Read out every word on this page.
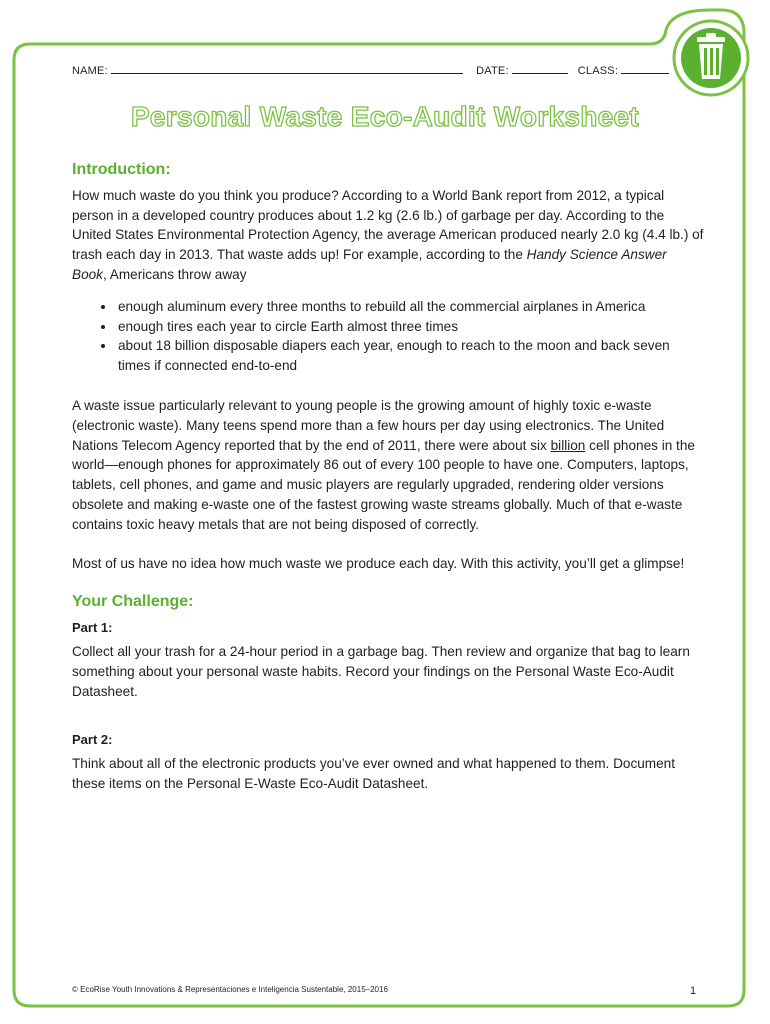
NAME:	DATE:	CLASS:
Personal Waste Eco-Audit Worksheet
Introduction:

How much waste do you think you produce? According to a World Bank report from 2012, a typical person in a developed country produces about 1.2 kg (2.6 lb.) of garbage per day. According to the United States Environmental Protection Agency, the average American produced nearly 2.0 kg (4.4 lb.) of trash each day in 2013. That waste adds up! For example, according to the Handy Science Answer Book, Americans throw away

• enough aluminum every three months to rebuild all the commercial airplanes in America
• enough tires each year to circle Earth almost three times
• about 18 billion disposable diapers each year, enough to reach to the moon and back seven times if connected end-to-end

A waste issue particularly relevant to young people is the growing amount of highly toxic e-waste (electronic waste). Many teens spend more than a few hours per day using electronics. The United Nations Telecom Agency reported that by the end of 2011, there were about six billion cell phones in the world—enough phones for approximately 86 out of every 100 people to have one. Computers, laptops, tablets, cell phones, and game and music players are regularly upgraded, rendering older versions obsolete and making e-waste one of the fastest growing waste streams globally. Much of that e-waste contains toxic heavy metals that are not being disposed of correctly.

Most of us have no idea how much waste we produce each day. With this activity, you’ll get a glimpse!

Your Challenge:

Part 1:

Collect all your trash for a 24-hour period in a garbage bag. Then review and organize that bag to learn something about your personal waste habits. Record your findings on the Personal Waste Eco-Audit Datasheet.

Part 2:

Think about all of the electronic products you’ve ever owned and what happened to them. Document these items on the Personal E-Waste Eco-Audit Datasheet.

© EcoRise Youth Innovations & Representaciones e Inteligencia Sustentable, 2015–2016	1
